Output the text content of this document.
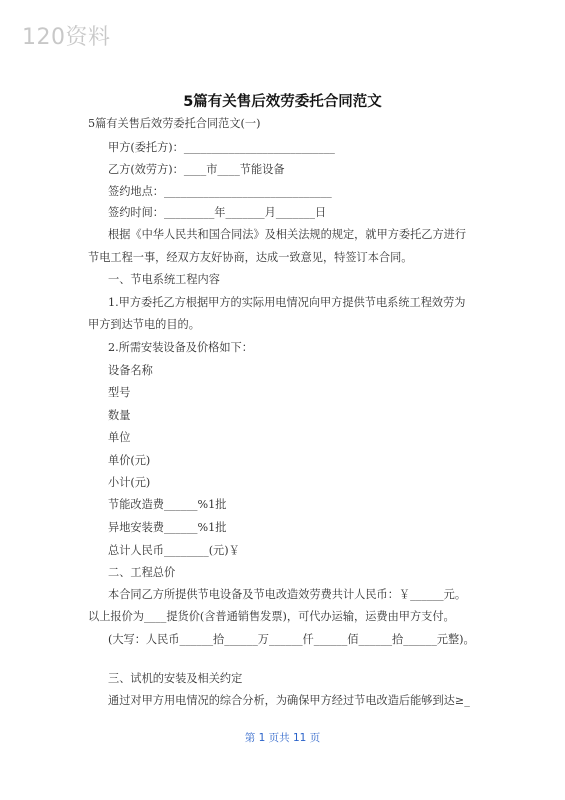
120资料
5篇有关售后效劳委托合同范文
5篇有关售后效劳委托合同范文(一)
甲方(委托方)：___________________________
乙方(效劳方)：____市____节能设备
签约地点：______________________________
签约时间：_________年_______月_______日
根据《中华人民共和国合同法》及相关法规的规定，就甲方委托乙方进行
节电工程一事，经双方友好协商，达成一致意见，特签订本合同。
一、节电系统工程内容
1.甲方委托乙方根据甲方的实际用电情况向甲方提供节电系统工程效劳为
甲方到达节电的目的。
2.所需安装设备及价格如下：
设备名称
型号
数量
单位
单价(元)
小计(元)
节能改造费______%1批
异地安装费______%1批
总计人民币________(元)￥
二、工程总价
本合同乙方所提供节电设备及节电改造效劳费共计人民币：￥______元。
以上报价为____提货价(含普通销售发票)，可代办运输，运费由甲方支付。
(大写：人民币______拾______万______仟______佰______拾______元整)。
三、试机的安装及相关约定
通过对甲方用电情况的综合分析，为确保甲方经过节电改造后能够到达≥_
第 1 页共 11 页
